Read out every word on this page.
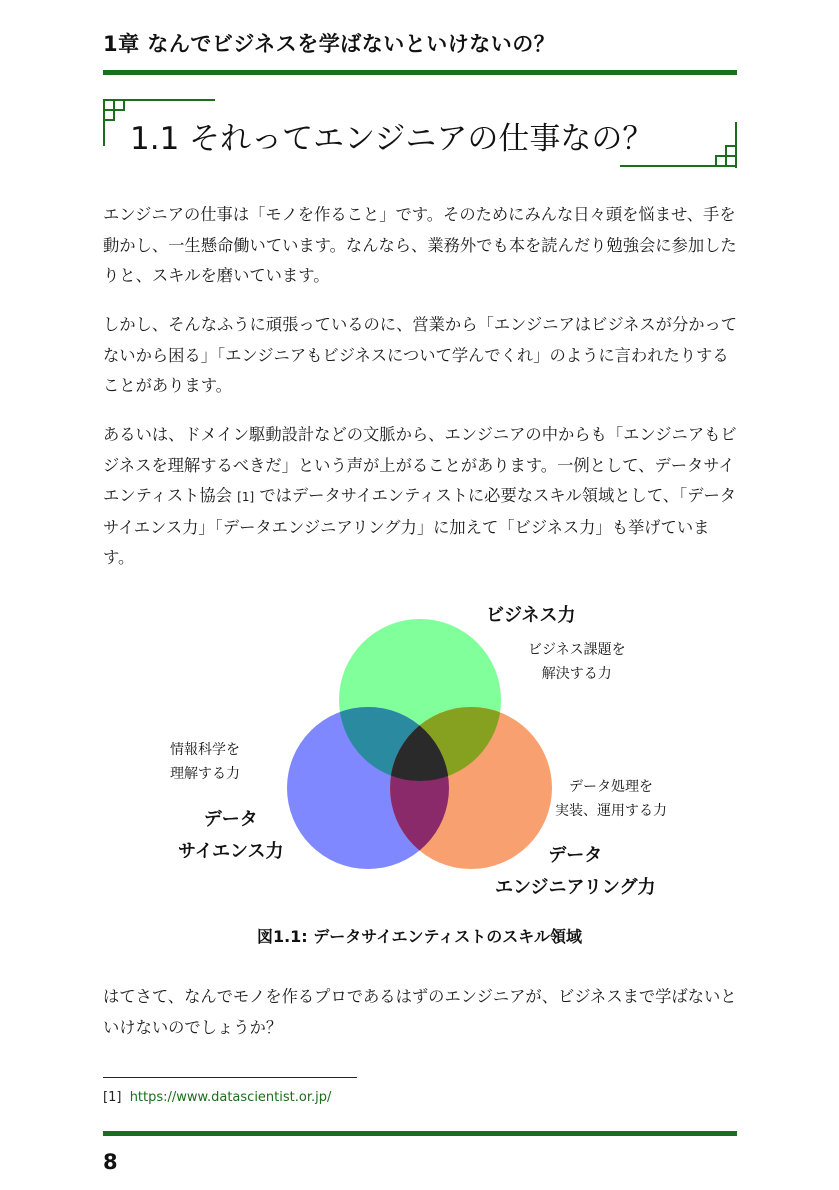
1章 なんでビジネスを学ばないといけないの？
1.1 それってエンジニアの仕事なの？

エンジニアの仕事は「モノを作ること」です。そのためにみんな日々頭を悩ませ、手を動かし、一生懸命働いています。なんなら、業務外でも本を読んだり勉強会に参加したりと、スキルを磨いています。

しかし、そんなふうに頑張っているのに、営業から「エンジニアはビジネスが分かってないから困る」「エンジニアもビジネスについて学んでくれ」のように言われたりすることがあります。

あるいは、ドメイン駆動設計などの文脈から、エンジニアの中からも「エンジニアもビジネスを理解するべきだ」という声が上がることがあります。一例として、データサイエンティスト協会 [1] ではデータサイエンティストに必要なスキル領域として、「データサイエンス力」「データエンジニアリング力」に加えて「ビジネス力」も挙げています。

ビジネス力
ビジネス課題を
解決する力
情報科学を
理解する力
データ
サイエンス力
データ処理を
実装、運用する力
データ
エンジニアリング力
図1.1: データサイエンティストのスキル領域

はてさて、なんでモノを作るプロであるはずのエンジニアが、ビジネスまで学ばないといけないのでしょうか？

[1] https://www.datascientist.or.jp/
8
